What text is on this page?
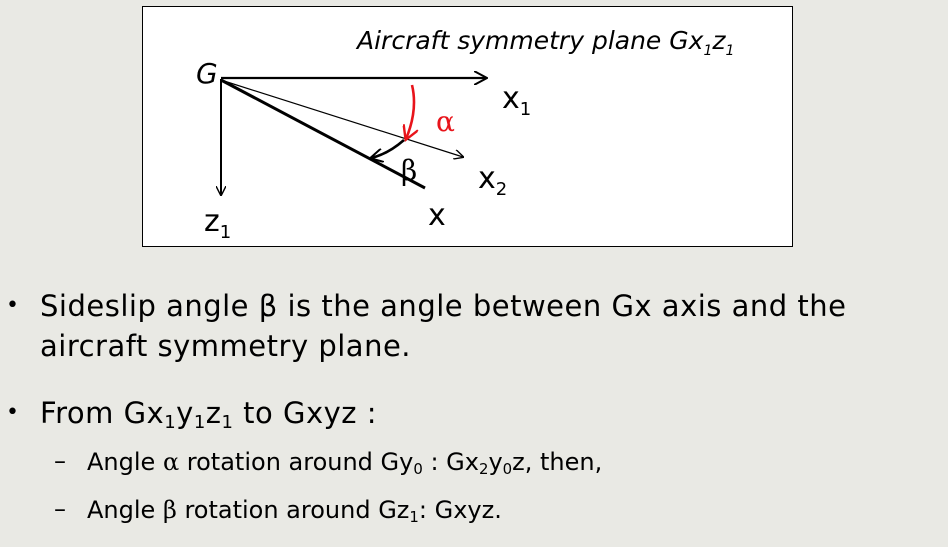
Aircraft symmetry plane $Gx_1z_1$
G
α
β
$x_1$
$x_2$
x
$z_1$
• Sideslip angle β is the angle between Gx axis and the
aircraft symmetry plane.
• From $Gx_1y_1z_1$ to Gxyz :
– Angle α rotation around $Gy_0$ : $Gx_2y_0z$, then,
– Angle β rotation around $Gz_1$: Gxyz.
